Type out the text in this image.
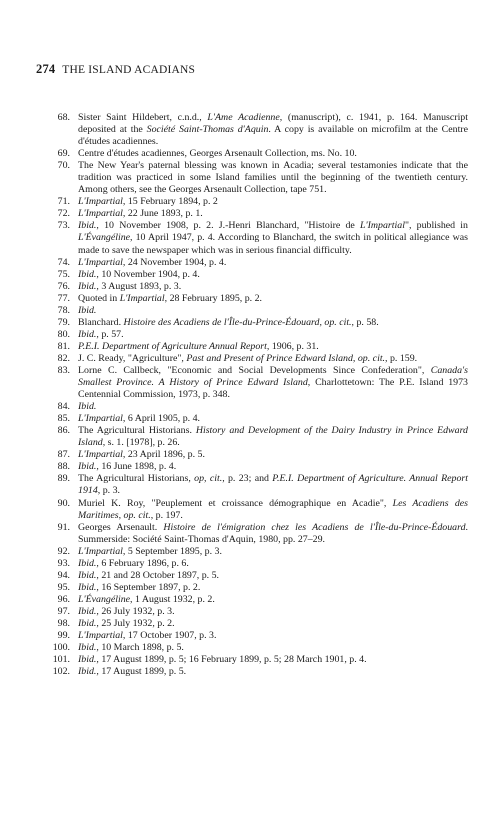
274 THE ISLAND ACADIANS
68. Sister Saint Hildebert, c.n.d., L'Ame Acadienne, (manuscript), c. 1941, p. 164. Manuscript deposited at the Société Saint-Thomas d'Aquin. A copy is available on microfilm at the Centre d'études acadiennes.
69. Centre d'études acadiennes, Georges Arsenault Collection, ms. No. 10.
70. The New Year's paternal blessing was known in Acadia; several testamonies indicate that the tradition was practiced in some Island families until the beginning of the twentieth century. Among others, see the Georges Arsenault Collection, tape 751.
71. L'Impartial, 15 February 1894, p. 2
72. L'Impartial, 22 June 1893, p. 1.
73. Ibid., 10 November 1908, p. 2. J.-Henri Blanchard, "Histoire de L'Impartial", published in L'Évangéline, 10 April 1947, p. 4. According to Blanchard, the switch in political allegiance was made to save the newspaper which was in serious financial difficulty.
74. L'Impartial, 24 November 1904, p. 4.
75. Ibid., 10 November 1904, p. 4.
76. Ibid., 3 August 1893, p. 3.
77. Quoted in L'Impartial, 28 February 1895, p. 2.
78. Ibid.
79. Blanchard. Histoire des Acadiens de l'Île-du-Prince-Édouard, op. cit., p. 58.
80. Ibid., p. 57.
81. P.E.I. Department of Agriculture Annual Report, 1906, p. 31.
82. J. C. Ready, "Agriculture", Past and Present of Prince Edward Island, op. cit., p. 159.
83. Lorne C. Callbeck, "Economic and Social Developments Since Confederation", Canada's Smallest Province. A History of Prince Edward Island, Charlottetown: The P.E. Island 1973 Centennial Commission, 1973, p. 348.
84. Ibid.
85. L'Impartial, 6 April 1905, p. 4.
86. The Agricultural Historians. History and Development of the Dairy Industry in Prince Edward Island, s. 1. [1978], p. 26.
87. L'Impartial, 23 April 1896, p. 5.
88. Ibid., 16 June 1898, p. 4.
89. The Agricultural Historians, op, cit., p. 23; and P.E.I. Department of Agriculture. Annual Report 1914, p. 3.
90. Muriel K. Roy, "Peuplement et croissance démographique en Acadie", Les Acadiens des Maritimes, op. cit., p. 197.
91. Georges Arsenault. Histoire de l'émigration chez les Acadiens de l'Île-du-Prince-Édouard. Summerside: Société Saint-Thomas d'Aquin, 1980, pp. 27–29.
92. L'Impartial, 5 September 1895, p. 3.
93. Ibid., 6 February 1896, p. 6.
94. Ibid., 21 and 28 October 1897, p. 5.
95. Ibid., 16 September 1897, p. 2.
96. L'Évangéline, 1 August 1932, p. 2.
97. Ibid., 26 July 1932, p. 3.
98. Ibid., 25 July 1932, p. 2.
99. L'Impartial, 17 October 1907, p. 3.
100. Ibid., 10 March 1898, p. 5.
101. Ibid., 17 August 1899, p. 5; 16 February 1899, p. 5; 28 March 1901, p. 4.
102. Ibid., 17 August 1899, p. 5.
